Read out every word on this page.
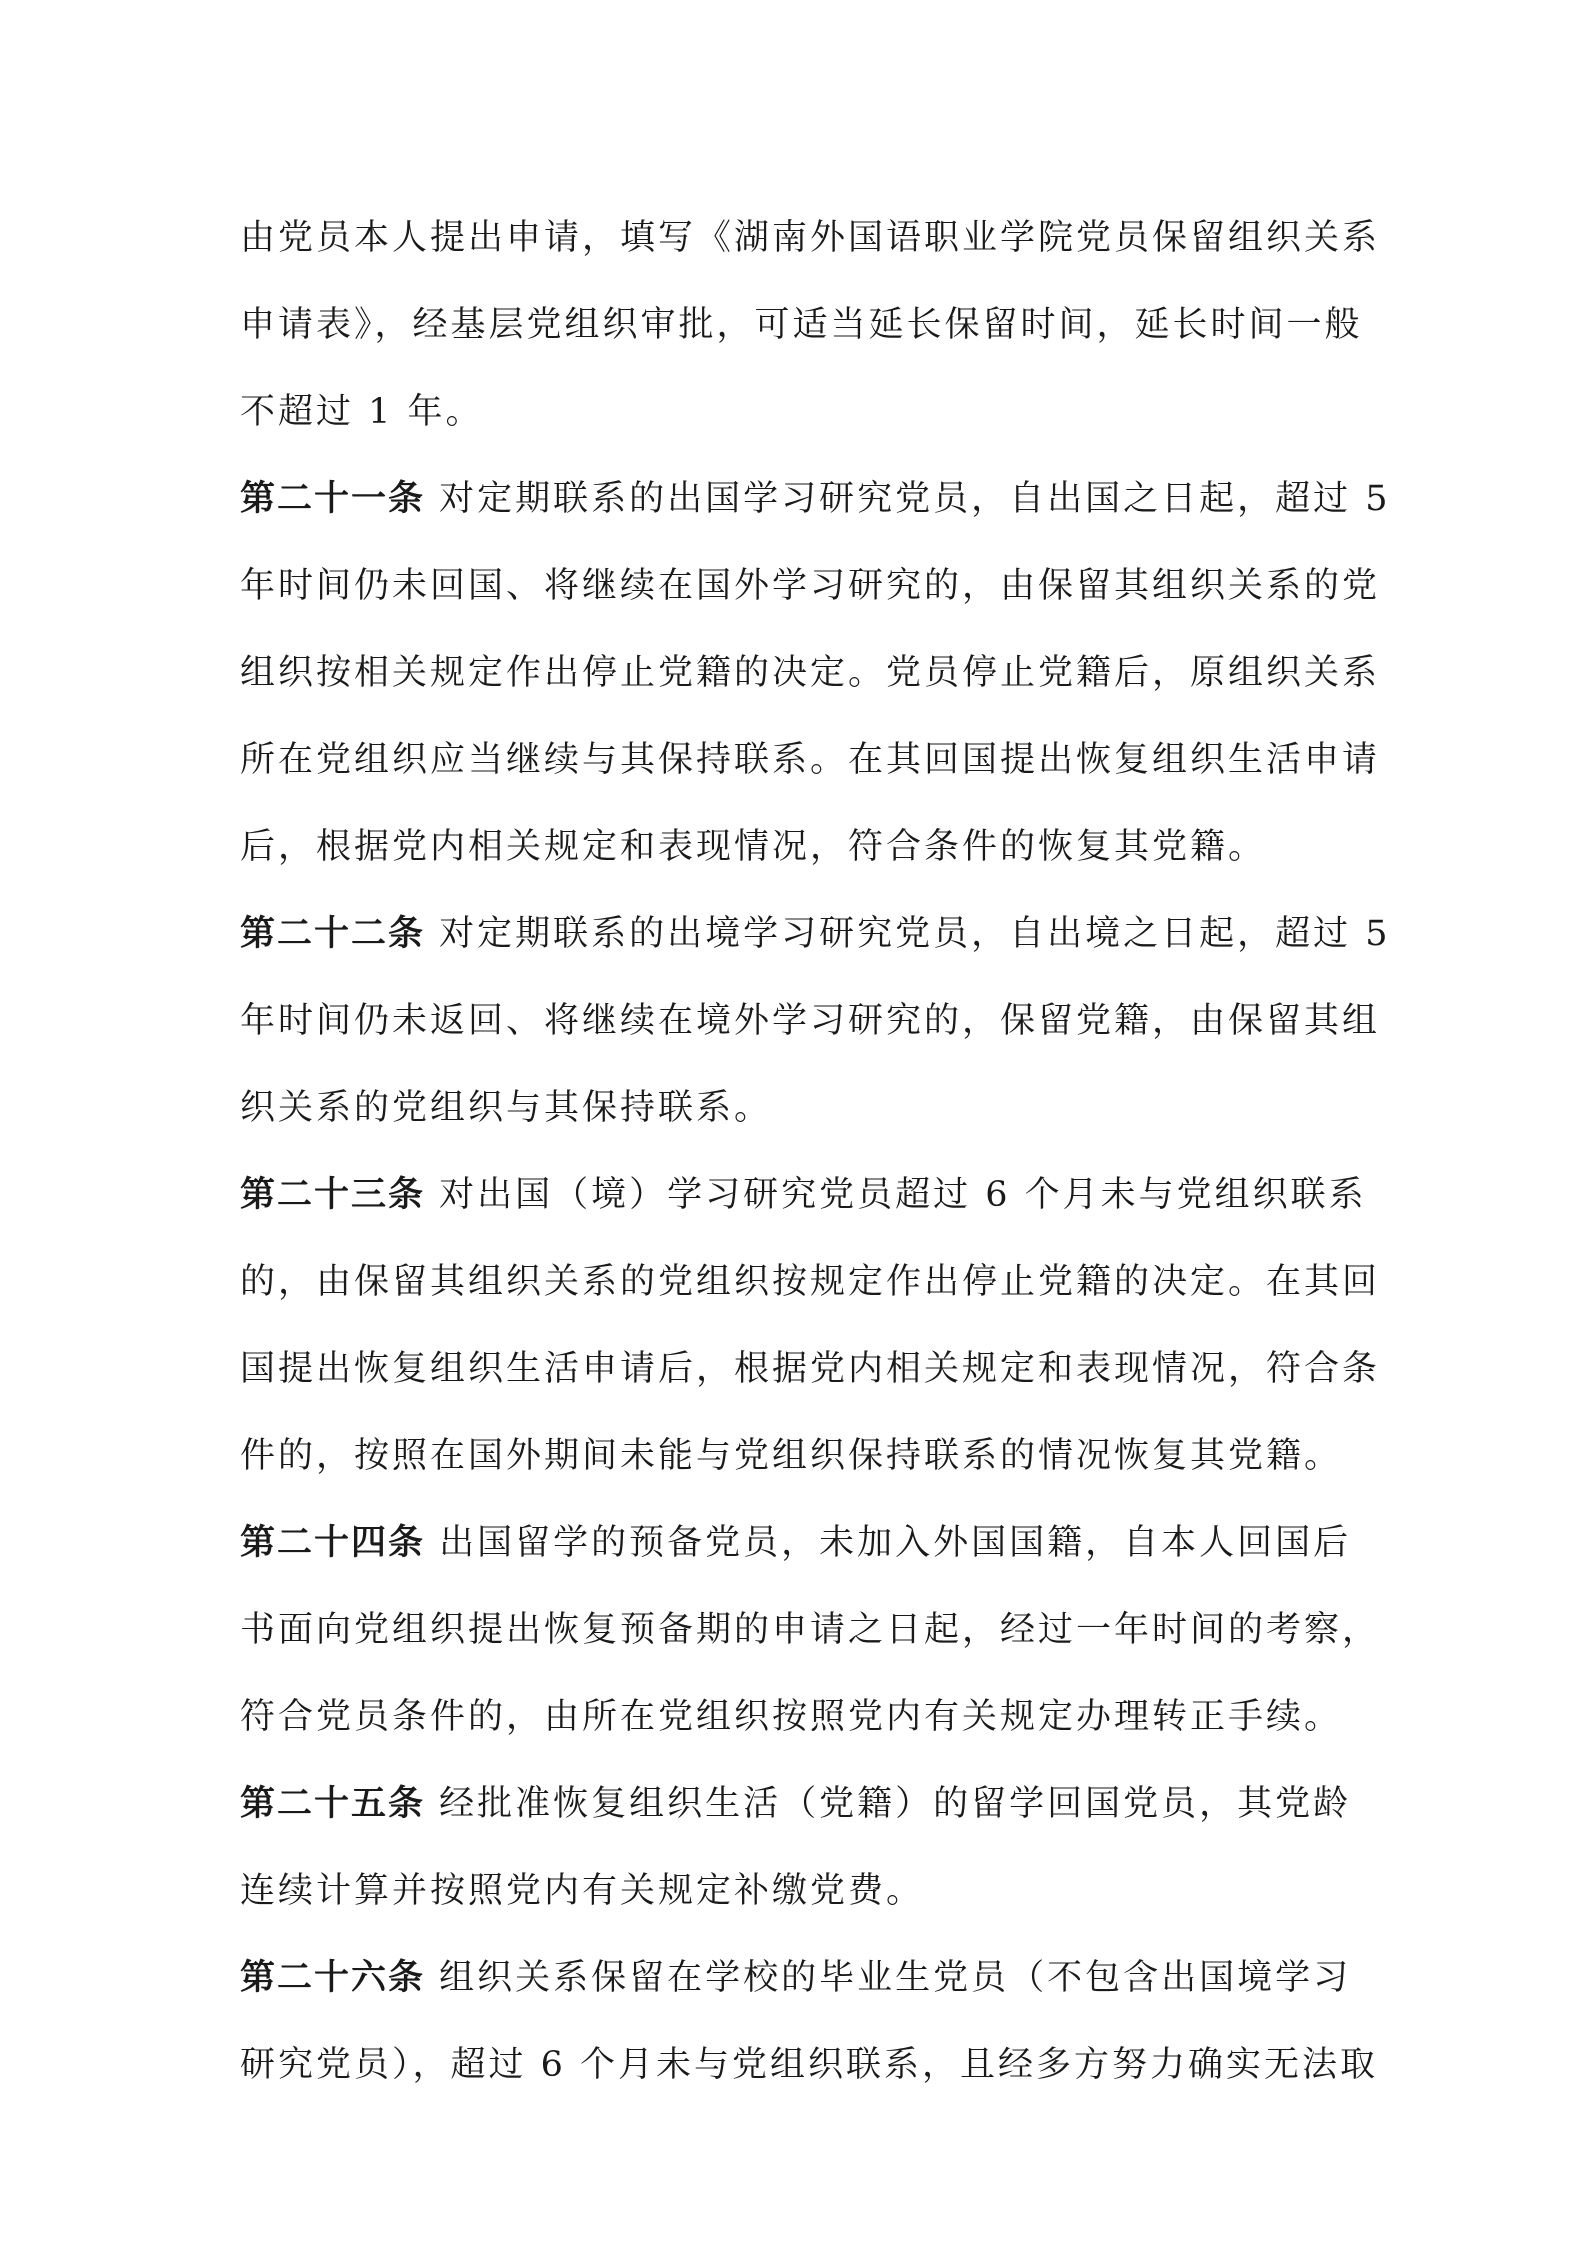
由党员本人提出申请，填写《湖南外国语职业学院党员保留组织关系
申请表》，经基层党组织审批，可适当延长保留时间，延长时间一般
不超过 1 年。
第二十一条 对定期联系的出国学习研究党员，自出国之日起，超过 5
年时间仍未回国、将继续在国外学习研究的，由保留其组织关系的党
组织按相关规定作出停止党籍的决定。党员停止党籍后，原组织关系
所在党组织应当继续与其保持联系。在其回国提出恢复组织生活申请
后，根据党内相关规定和表现情况，符合条件的恢复其党籍。
第二十二条 对定期联系的出境学习研究党员，自出境之日起，超过 5
年时间仍未返回、将继续在境外学习研究的，保留党籍，由保留其组
织关系的党组织与其保持联系。
第二十三条 对出国（境）学习研究党员超过 6 个月未与党组织联系
的，由保留其组织关系的党组织按规定作出停止党籍的决定。在其回
国提出恢复组织生活申请后，根据党内相关规定和表现情况，符合条
件的，按照在国外期间未能与党组织保持联系的情况恢复其党籍。
第二十四条 出国留学的预备党员，未加入外国国籍，自本人回国后
书面向党组织提出恢复预备期的申请之日起，经过一年时间的考察，
符合党员条件的，由所在党组织按照党内有关规定办理转正手续。
第二十五条 经批准恢复组织生活（党籍）的留学回国党员，其党龄
连续计算并按照党内有关规定补缴党费。
第二十六条 组织关系保留在学校的毕业生党员（不包含出国境学习
研究党员），超过 6 个月未与党组织联系，且经多方努力确实无法取
